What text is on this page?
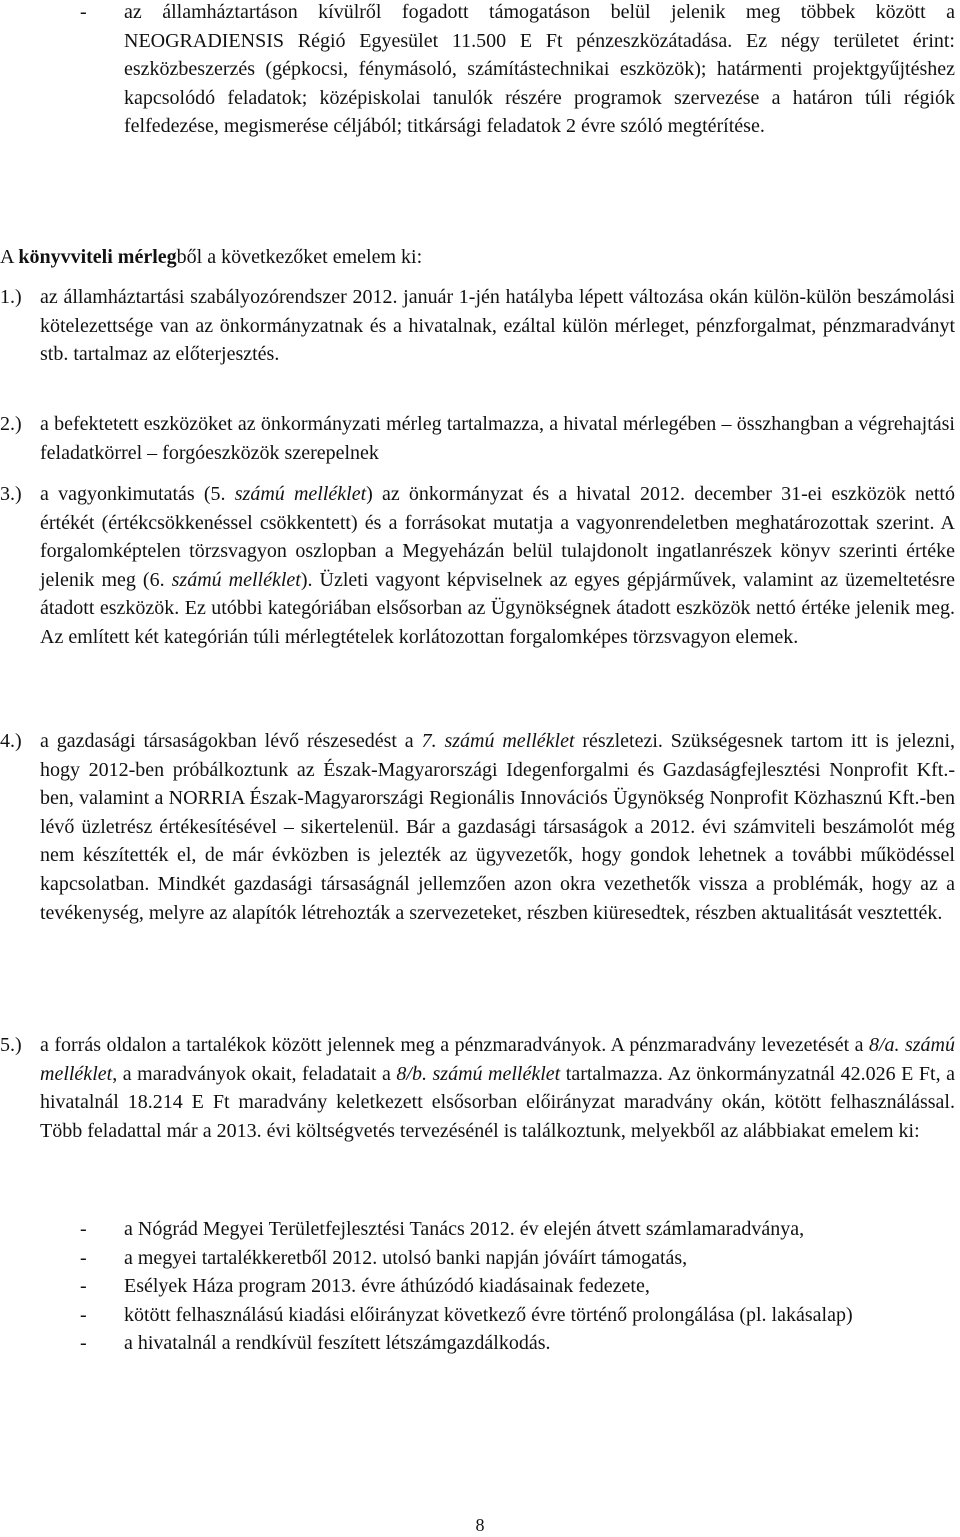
-	az államháztartáson kívülről fogadott támogatáson belül jelenik meg többek között a NEOGRADIENSIS Régió Egyesület 11.500 E Ft pénzeszközátadása. Ez négy területet érint: eszközbeszerzés (gépkocsi, fénymásoló, számítástechnikai eszközök); határmenti projektgyűjtéshez kapcsolódó feladatok; középiskolai tanulók részére programok szervezése a határon túli régiók felfedezése, megismerése céljából; titkársági feladatok 2 évre szóló megtérítése.
A könyvviteli mérlegből a következőket emelem ki:
1.) az államháztartási szabályozórendszer 2012. január 1-jén hatályba lépett változása okán külön-külön beszámolási kötelezettsége van az önkormányzatnak és a hivatalnak, ezáltal külön mérleget, pénzforgalmat, pénzmaradványt stb. tartalmaz az előterjesztés.
2.) a befektetett eszközöket az önkormányzati mérleg tartalmazza, a hivatal mérlegében – összhangban a végrehajtási feladatkörrel – forgóeszközök szerepelnek
3.) a vagyonkimutatás (5. számú melléklet) az önkormányzat és a hivatal 2012. december 31-ei eszközök nettó értékét (értékcsökkenéssel csökkentett) és a forrásokat mutatja a vagyonrendeletben meghatározottak szerint. A forgalomképtelen törzsvagyon oszlopban a Megyeházán belül tulajdonolt ingatlanrészek könyv szerinti értéke jelenik meg (6. számú melléklet). Üzleti vagyont képviselnek az egyes gépjárművek, valamint az üzemeltetésre átadott eszközök. Ez utóbbi kategóriában elsősorban az Ügynökségnek átadott eszközök nettó értéke jelenik meg. Az említett két kategórián túli mérlegtételek korlátozottan forgalomképes törzsvagyon elemek.
4.) a gazdasági társaságokban lévő részesedést a 7. számú melléklet részletezi. Szükségesnek tartom itt is jelezni, hogy 2012-ben próbálkoztunk az Észak-Magyarországi Idegenforgalmi és Gazdaságfejlesztési Nonprofit Kft.-ben, valamint a NORRIA Észak-Magyarországi Regionális Innovációs Ügynökség Nonprofit Közhasznú Kft.-ben lévő üzletrész értékesítésével – sikertelenül. Bár a gazdasági társaságok a 2012. évi számviteli beszámolót még nem készítették el, de már évközben is jelezték az ügyvezetők, hogy gondok lehetnek a további működéssel kapcsolatban. Mindkét gazdasági társaságnál jellemzően azon okra vezethetők vissza a problémák, hogy az a tevékenység, melyre az alapítók létrehozták a szervezeteket, részben kiüresedtek, részben aktualitását vesztették.
5.) a forrás oldalon a tartalékok között jelennek meg a pénzmaradványok. A pénzmaradvány levezetését a 8/a. számú melléklet, a maradványok okait, feladatait a 8/b. számú melléklet tartalmazza. Az önkormányzatnál 42.026 E Ft, a hivatalnál 18.214 E Ft maradvány keletkezett elsősorban előirányzat maradvány okán, kötött felhasználással. Több feladattal már a 2013. évi költségvetés tervezésénél is találkoztunk, melyekből az alábbiakat emelem ki:
-	a Nógrád Megyei Területfejlesztési Tanács 2012. év elején átvett számlamaradványa,
-	a megyei tartalékkeretből 2012. utolsó banki napján jóváírt támogatás,
-	Esélyek Háza program 2013. évre áthúzódó kiadásainak fedezete,
-	kötött felhasználású kiadási előirányzat következő évre történő prolongálása (pl. lakásalap)
-	a hivatalnál a rendkívül feszített létszámgazdálkodás.
8
